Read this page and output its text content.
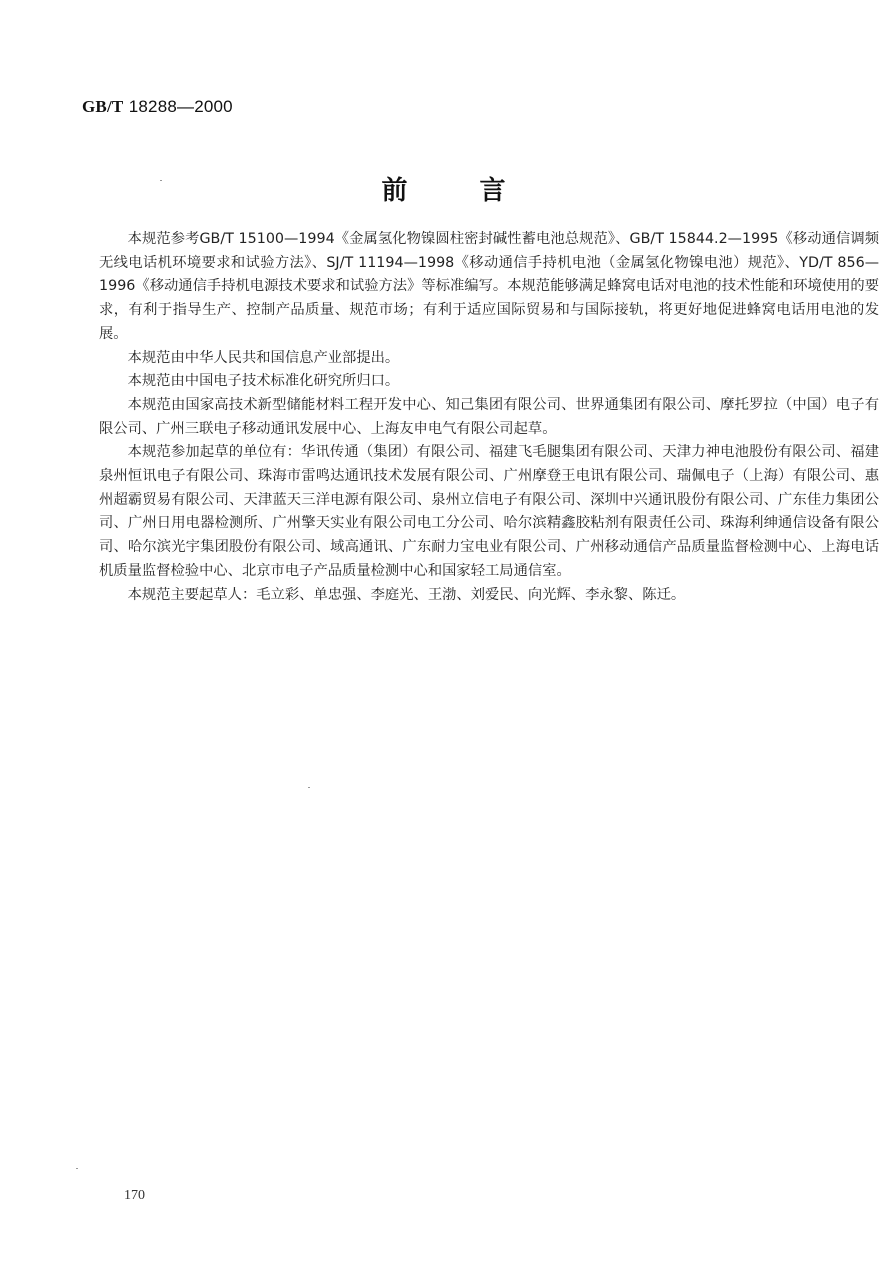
GB/T 18288—2000
前言

本规范参考GB/T 15100—1994《金属氢化物镍圆柱密封碱性蓄电池总规范》、GB/T 15844.2—1995《移动通信调频无线电话机环境要求和试验方法》、SJ/T 11194—1998《移动通信手持机电池（金属氢化物镍电池）规范》、YD/T 856—1996《移动通信手持机电源技术要求和试验方法》等标准编写。本规范能够满足蜂窝电话对电池的技术性能和环境使用的要求，有利于指导生产、控制产品质量、规范市场；有利于适应国际贸易和与国际接轨，将更好地促进蜂窝电话用电池的发展。

本规范由中华人民共和国信息产业部提出。

本规范由中国电子技术标准化研究所归口。

本规范由国家高技术新型储能材料工程开发中心、知己集团有限公司、世界通集团有限公司、摩托罗拉（中国）电子有限公司、广州三联电子移动通讯发展中心、上海友申电气有限公司起草。

本规范参加起草的单位有：华讯传通（集团）有限公司、福建飞毛腿集团有限公司、天津力神电池股份有限公司、福建泉州恒讯电子有限公司、珠海市雷鸣达通讯技术发展有限公司、广州摩登王电讯有限公司、瑞佩电子（上海）有限公司、惠州超霸贸易有限公司、天津蓝天三洋电源有限公司、泉州立信电子有限公司、深圳中兴通讯股份有限公司、广东佳力集团公司、广州日用电器检测所、广州擎天实业有限公司电工分公司、哈尔滨精鑫胶粘剂有限责任公司、珠海利绅通信设备有限公司、哈尔滨光宇集团股份有限公司、域高通讯、广东耐力宝电业有限公司、广州移动通信产品质量监督检测中心、上海电话机质量监督检验中心、北京市电子产品质量检测中心和国家轻工局通信室。

本规范主要起草人：毛立彩、单忠强、李庭光、王渤、刘爱民、向光辉、李永黎、陈迁。

170
